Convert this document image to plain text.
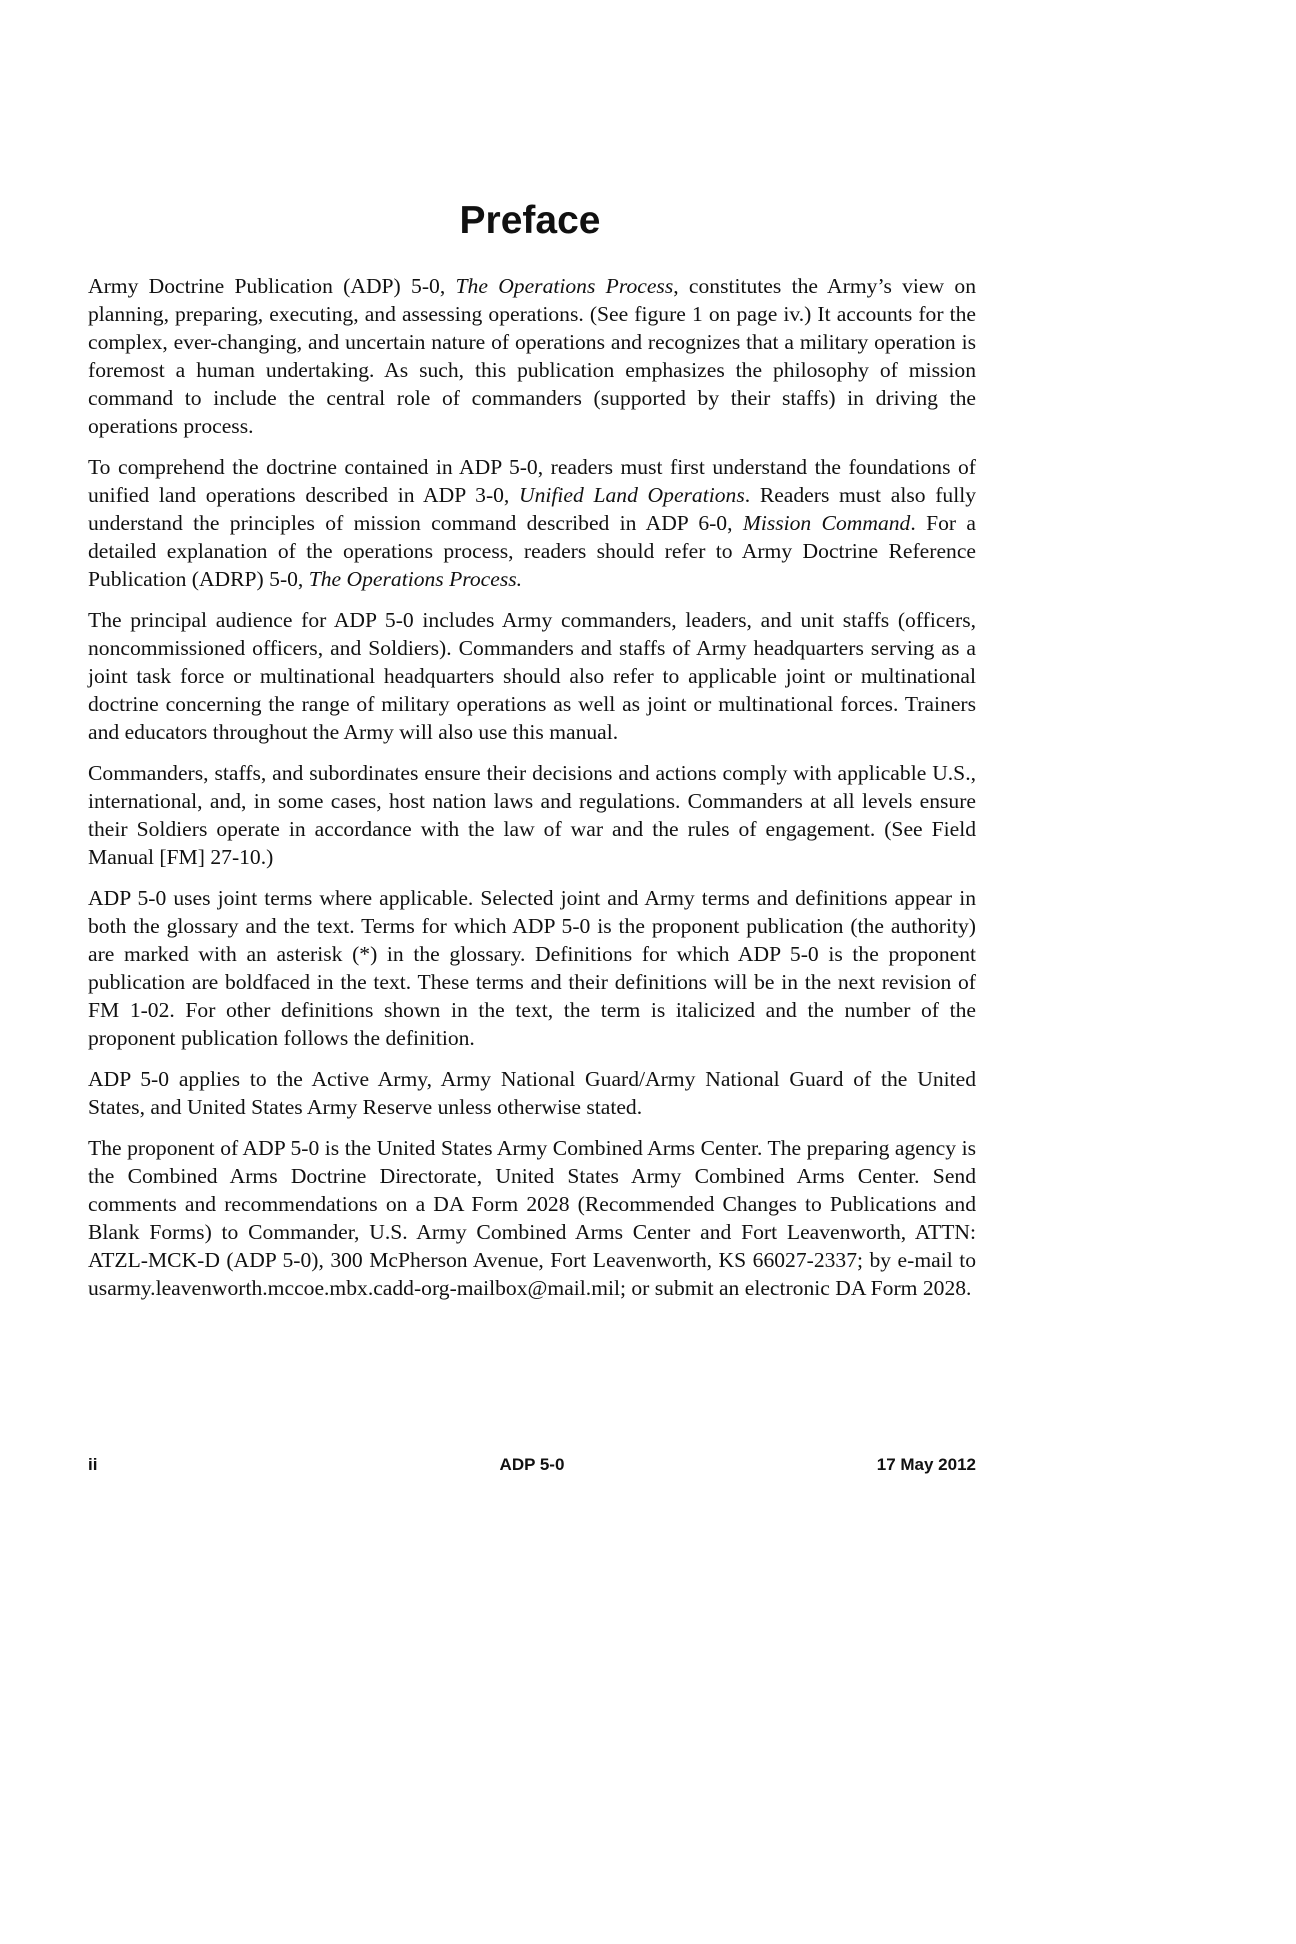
Preface

Army Doctrine Publication (ADP) 5-0, The Operations Process, constitutes the Army’s view on planning, preparing, executing, and assessing operations. (See figure 1 on page iv.) It accounts for the complex, ever-changing, and uncertain nature of operations and recognizes that a military operation is foremost a human undertaking. As such, this publication emphasizes the philosophy of mission command to include the central role of commanders (supported by their staffs) in driving the operations process.

To comprehend the doctrine contained in ADP 5-0, readers must first understand the foundations of unified land operations described in ADP 3-0, Unified Land Operations. Readers must also fully understand the principles of mission command described in ADP 6-0, Mission Command. For a detailed explanation of the operations process, readers should refer to Army Doctrine Reference Publication (ADRP) 5-0, The Operations Process.

The principal audience for ADP 5-0 includes Army commanders, leaders, and unit staffs (officers, noncommissioned officers, and Soldiers). Commanders and staffs of Army headquarters serving as a joint task force or multinational headquarters should also refer to applicable joint or multinational doctrine concerning the range of military operations as well as joint or multinational forces. Trainers and educators throughout the Army will also use this manual.

Commanders, staffs, and subordinates ensure their decisions and actions comply with applicable U.S., international, and, in some cases, host nation laws and regulations. Commanders at all levels ensure their Soldiers operate in accordance with the law of war and the rules of engagement. (See Field Manual [FM] 27-10.)

ADP 5-0 uses joint terms where applicable. Selected joint and Army terms and definitions appear in both the glossary and the text. Terms for which ADP 5-0 is the proponent publication (the authority) are marked with an asterisk (*) in the glossary. Definitions for which ADP 5-0 is the proponent publication are boldfaced in the text. These terms and their definitions will be in the next revision of FM 1-02. For other definitions shown in the text, the term is italicized and the number of the proponent publication follows the definition.

ADP 5-0 applies to the Active Army, Army National Guard/Army National Guard of the United States, and United States Army Reserve unless otherwise stated.

The proponent of ADP 5-0 is the United States Army Combined Arms Center. The preparing agency is the Combined Arms Doctrine Directorate, United States Army Combined Arms Center. Send comments and recommendations on a DA Form 2028 (Recommended Changes to Publications and Blank Forms) to Commander, U.S. Army Combined Arms Center and Fort Leavenworth, ATTN: ATZL-MCK-D (ADP 5-0), 300 McPherson Avenue, Fort Leavenworth, KS 66027-2337; by e-mail to usarmy.leavenworth.mccoe.mbx.cadd-org-mailbox@mail.mil; or submit an electronic DA Form 2028.

ii	ADP 5-0	17 May 2012
